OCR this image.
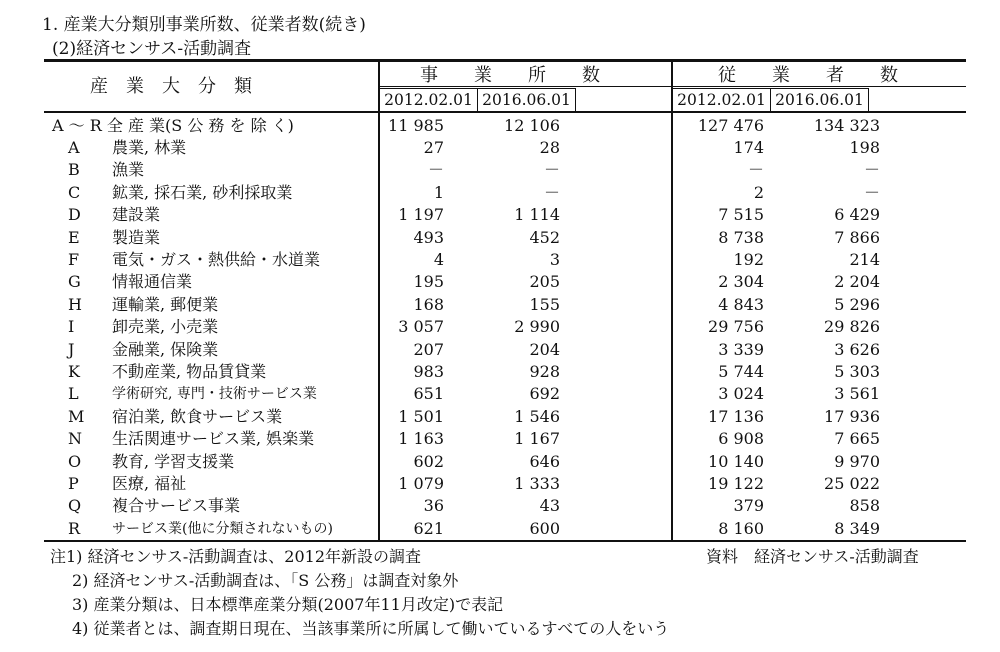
1. 産業大分類別事業所数、従業者数(続き)
(2)経済センサス-活動調査
産　業　大　分　類
事　　業　　所　　数	従　　業　　者　　数
2012.02.01 2016.06.01	2012.02.01 2016.06.01
A ～ R 全 産 業(S 公 務 を 除 く)	11 985	12 106	127 476	134 323
A 農業, 林業	27	28	174	198
B 漁業	－	－	－	－
C 鉱業, 採石業, 砂利採取業	1	－	2	－
D 建設業	1 197	1 114	7 515	6 429
E 製造業	493	452	8 738	7 866
F 電気・ガス・熱供給・水道業	4	3	192	214
G 情報通信業	195	205	2 304	2 204
H 運輸業, 郵便業	168	155	4 843	5 296
I 卸売業, 小売業	3 057	2 990	29 756	29 826
J 金融業, 保険業	207	204	3 339	3 626
K 不動産業, 物品賃貸業	983	928	5 744	5 303
L 学術研究, 専門・技術サービス業	651	692	3 024	3 561
M 宿泊業, 飲食サービス業	1 501	1 546	17 136	17 936
N 生活関連サービス業, 娯楽業	1 163	1 167	6 908	7 665
O 教育, 学習支援業	602	646	10 140	9 970
P 医療, 福祉	1 079	1 333	19 122	25 022
Q 複合サービス事業	36	43	379	858
R サービス業(他に分類されないもの)	621	600	8 160	8 349
注1) 経済センサス-活動調査は、2012年新設の調査	資料　経済センサス-活動調査
2) 経済センサス-活動調査は、「S 公務」は調査対象外
3) 産業分類は、日本標準産業分類(2007年11月改定)で表記
4) 従業者とは、調査期日現在、当該事業所に所属して働いているすべての人をいう
